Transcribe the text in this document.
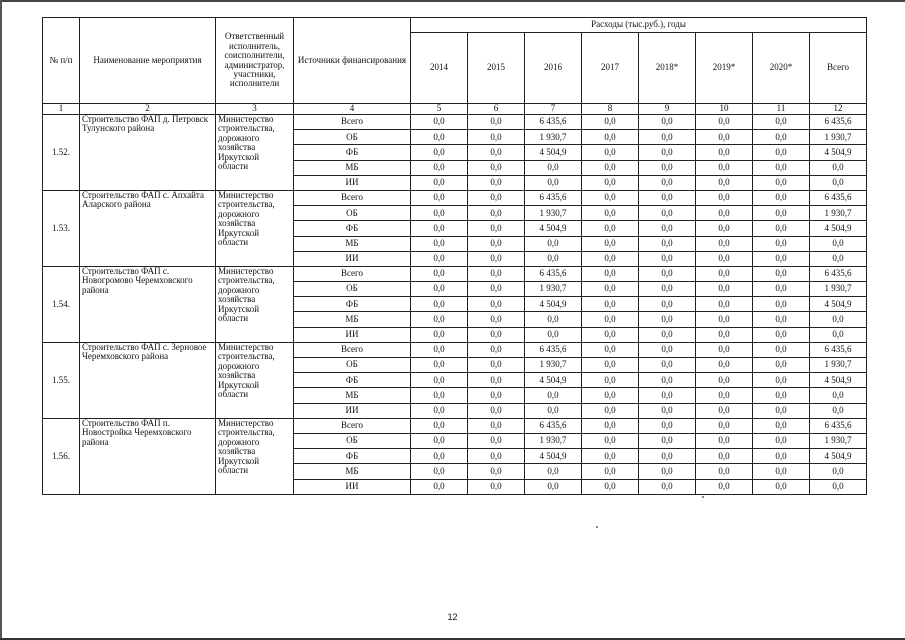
№ п/п	Наименование мероприятия	Ответственный исполнитель, соисполнители, администратор, участники, исполнители	Источники финансирования	Расходы (тыс.руб.), годы							
				2014	2015	2016	2017	2018*	2019*	2020*	Всего
1	2	3	4	5	6	7	8	9	10	11	12
1.52.	Строительство ФАП д. Петровск Тулунского района	Министерство строительства, дорожного хозяйства Иркутской области	Всего	0,0	0,0	6 435,6	0,0	0,0	0,0	0,0	6 435,6
			ОБ	0,0	0,0	1 930,7	0,0	0,0	0,0	0,0	1 930,7
			ФБ	0,0	0,0	4 504,9	0,0	0,0	0,0	0,0	4 504,9
			МБ	0,0	0,0	0,0	0,0	0,0	0,0	0,0	0,0
			ИИ	0,0	0,0	0,0	0,0	0,0	0,0	0,0	0,0
1.53.	Строительство ФАП с. Апхайта Аларского района	Министерство строительства, дорожного хозяйства Иркутской области	Всего	0,0	0,0	6 435,6	0,0	0,0	0,0	0,0	6 435,6
			ОБ	0,0	0,0	1 930,7	0,0	0,0	0,0	0,0	1 930,7
			ФБ	0,0	0,0	4 504,9	0,0	0,0	0,0	0,0	4 504,9
			МБ	0,0	0,0	0,0	0,0	0,0	0,0	0,0	0,0
			ИИ	0,0	0,0	0,0	0,0	0,0	0,0	0,0	0,0
1.54.	Строительство ФАП с. Новогромово Черемховского района	Министерство строительства, дорожного хозяйства Иркутской области	Всего	0,0	0,0	6 435,6	0,0	0,0	0,0	0,0	6 435,6
			ОБ	0,0	0,0	1 930,7	0,0	0,0	0,0	0,0	1 930,7
			ФБ	0,0	0,0	4 504,9	0,0	0,0	0,0	0,0	4 504,9
			МБ	0,0	0,0	0,0	0,0	0,0	0,0	0,0	0,0
			ИИ	0,0	0,0	0,0	0,0	0,0	0,0	0,0	0,0
1.55.	Строительство ФАП с. Зерновое Черемховского района	Министерство строительства, дорожного хозяйства Иркутской области	Всего	0,0	0,0	6 435,6	0,0	0,0	0,0	0,0	6 435,6
			ОБ	0,0	0,0	1 930,7	0,0	0,0	0,0	0,0	1 930,7
			ФБ	0,0	0,0	4 504,9	0,0	0,0	0,0	0,0	4 504,9
			МБ	0,0	0,0	0,0	0,0	0,0	0,0	0,0	0,0
			ИИ	0,0	0,0	0,0	0,0	0,0	0,0	0,0	0,0
1.56.	Строительство ФАП п. Новостройка Черемховского района	Министерство строительства, дорожного хозяйства Иркутской области	Всего	0,0	0,0	6 435,6	0,0	0,0	0,0	0,0	6 435,6
			ОБ	0,0	0,0	1 930,7	0,0	0,0	0,0	0,0	1 930,7
			ФБ	0,0	0,0	4 504,9	0,0	0,0	0,0	0,0	4 504,9
			МБ	0,0	0,0	0,0	0,0	0,0	0,0	0,0	0,0
			ИИ	0,0	0,0	0,0	0,0	0,0	0,0	0,0	0,0
12
